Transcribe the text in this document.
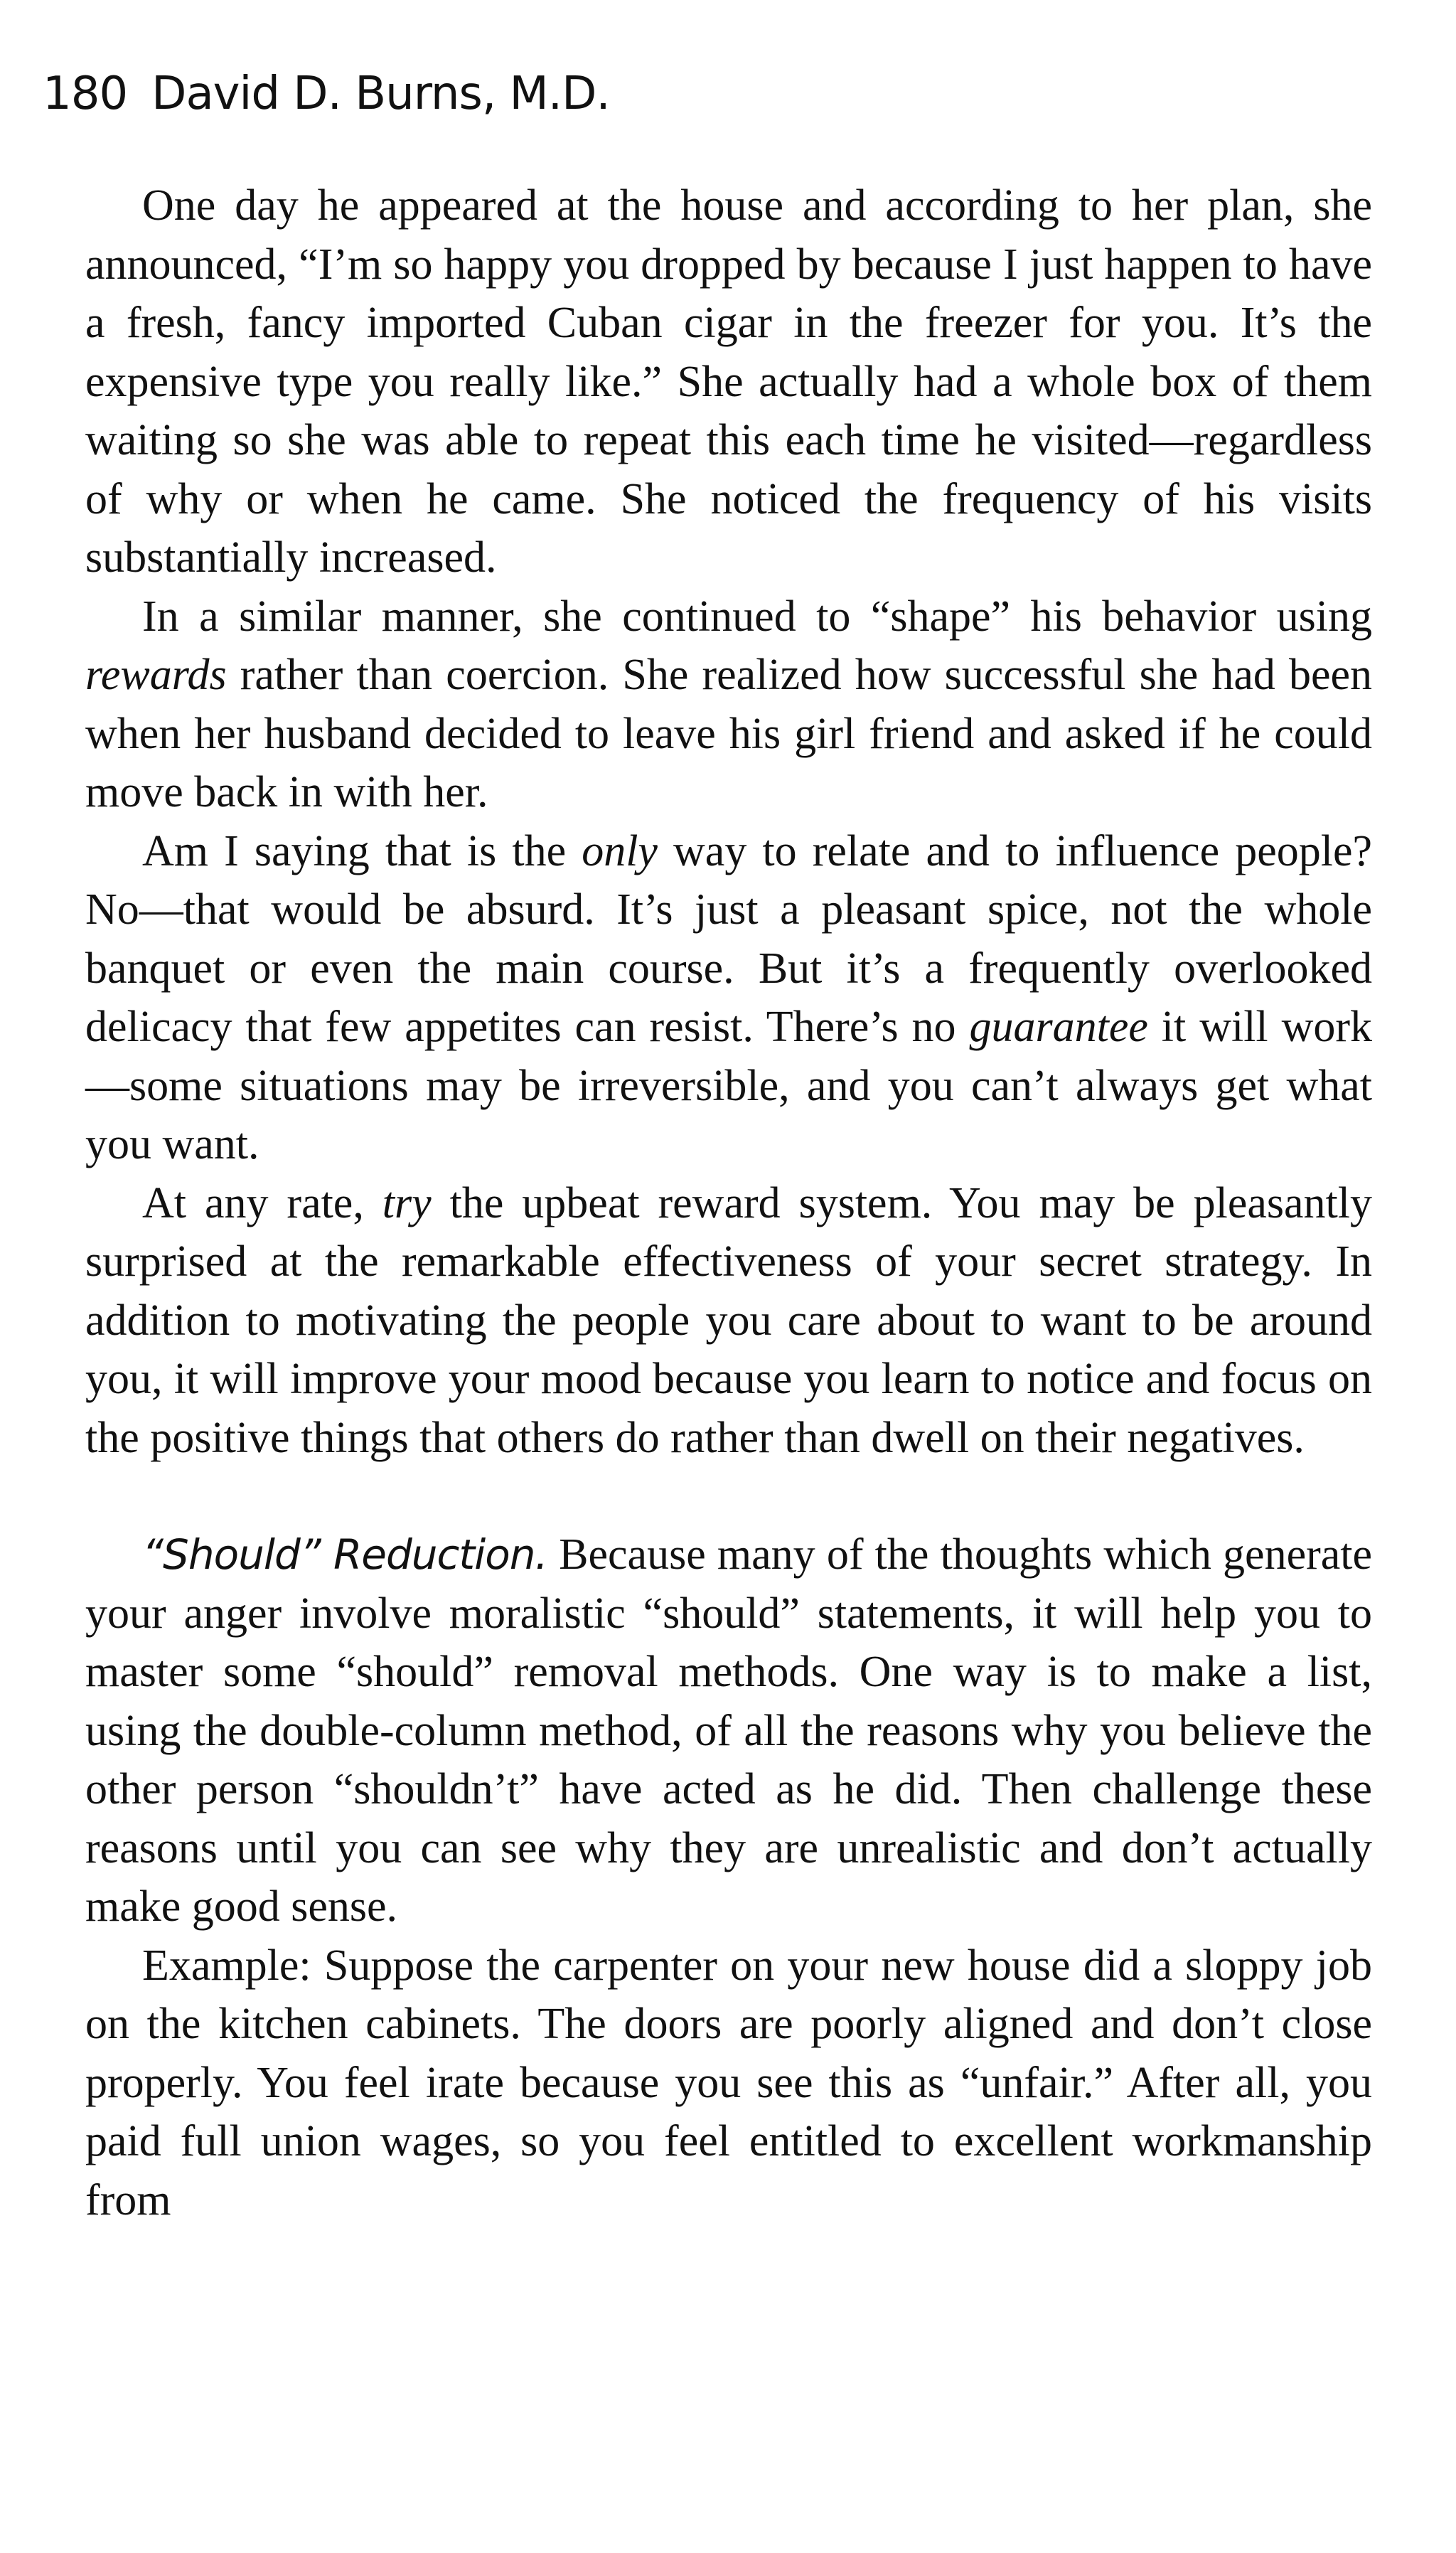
180 David D. Burns, M.D.

One day he appeared at the house and according to her plan, she announced, “I’m so happy you dropped by because I just happen to have a fresh, fancy imported Cuban cigar in the freezer for you. It’s the expensive type you really like.” She actually had a whole box of them waiting so she was able to repeat this each time he visited—regardless of why or when he came. She noticed the frequency of his visits substantially increased.

In a similar manner, she continued to “shape” his behavior using rewards rather than coercion. She realized how successful she had been when her husband decided to leave his girl friend and asked if he could move back in with her.

Am I saying that is the only way to relate and to influence people? No—that would be absurd. It’s just a pleasant spice, not the whole banquet or even the main course. But it’s a frequently overlooked delicacy that few appetites can resist. There’s no guarantee it will work—some situations may be irreversible, and you can’t always get what you want.

At any rate, try the upbeat reward system. You may be pleasantly surprised at the remarkable effectiveness of your secret strategy. In addition to motivating the people you care about to want to be around you, it will improve your mood because you learn to notice and focus on the positive things that others do rather than dwell on their negatives.

“Should” Reduction. Because many of the thoughts which generate your anger involve moralistic “should” statements, it will help you to master some “should” removal methods. One way is to make a list, using the double-column method, of all the reasons why you believe the other person “shouldn’t” have acted as he did. Then challenge these reasons until you can see why they are unrealistic and don’t actually make good sense.

Example: Suppose the carpenter on your new house did a sloppy job on the kitchen cabinets. The doors are poorly aligned and don’t close properly. You feel irate because you see this as “unfair.” After all, you paid full union wages, so you feel entitled to excellent workmanship from
